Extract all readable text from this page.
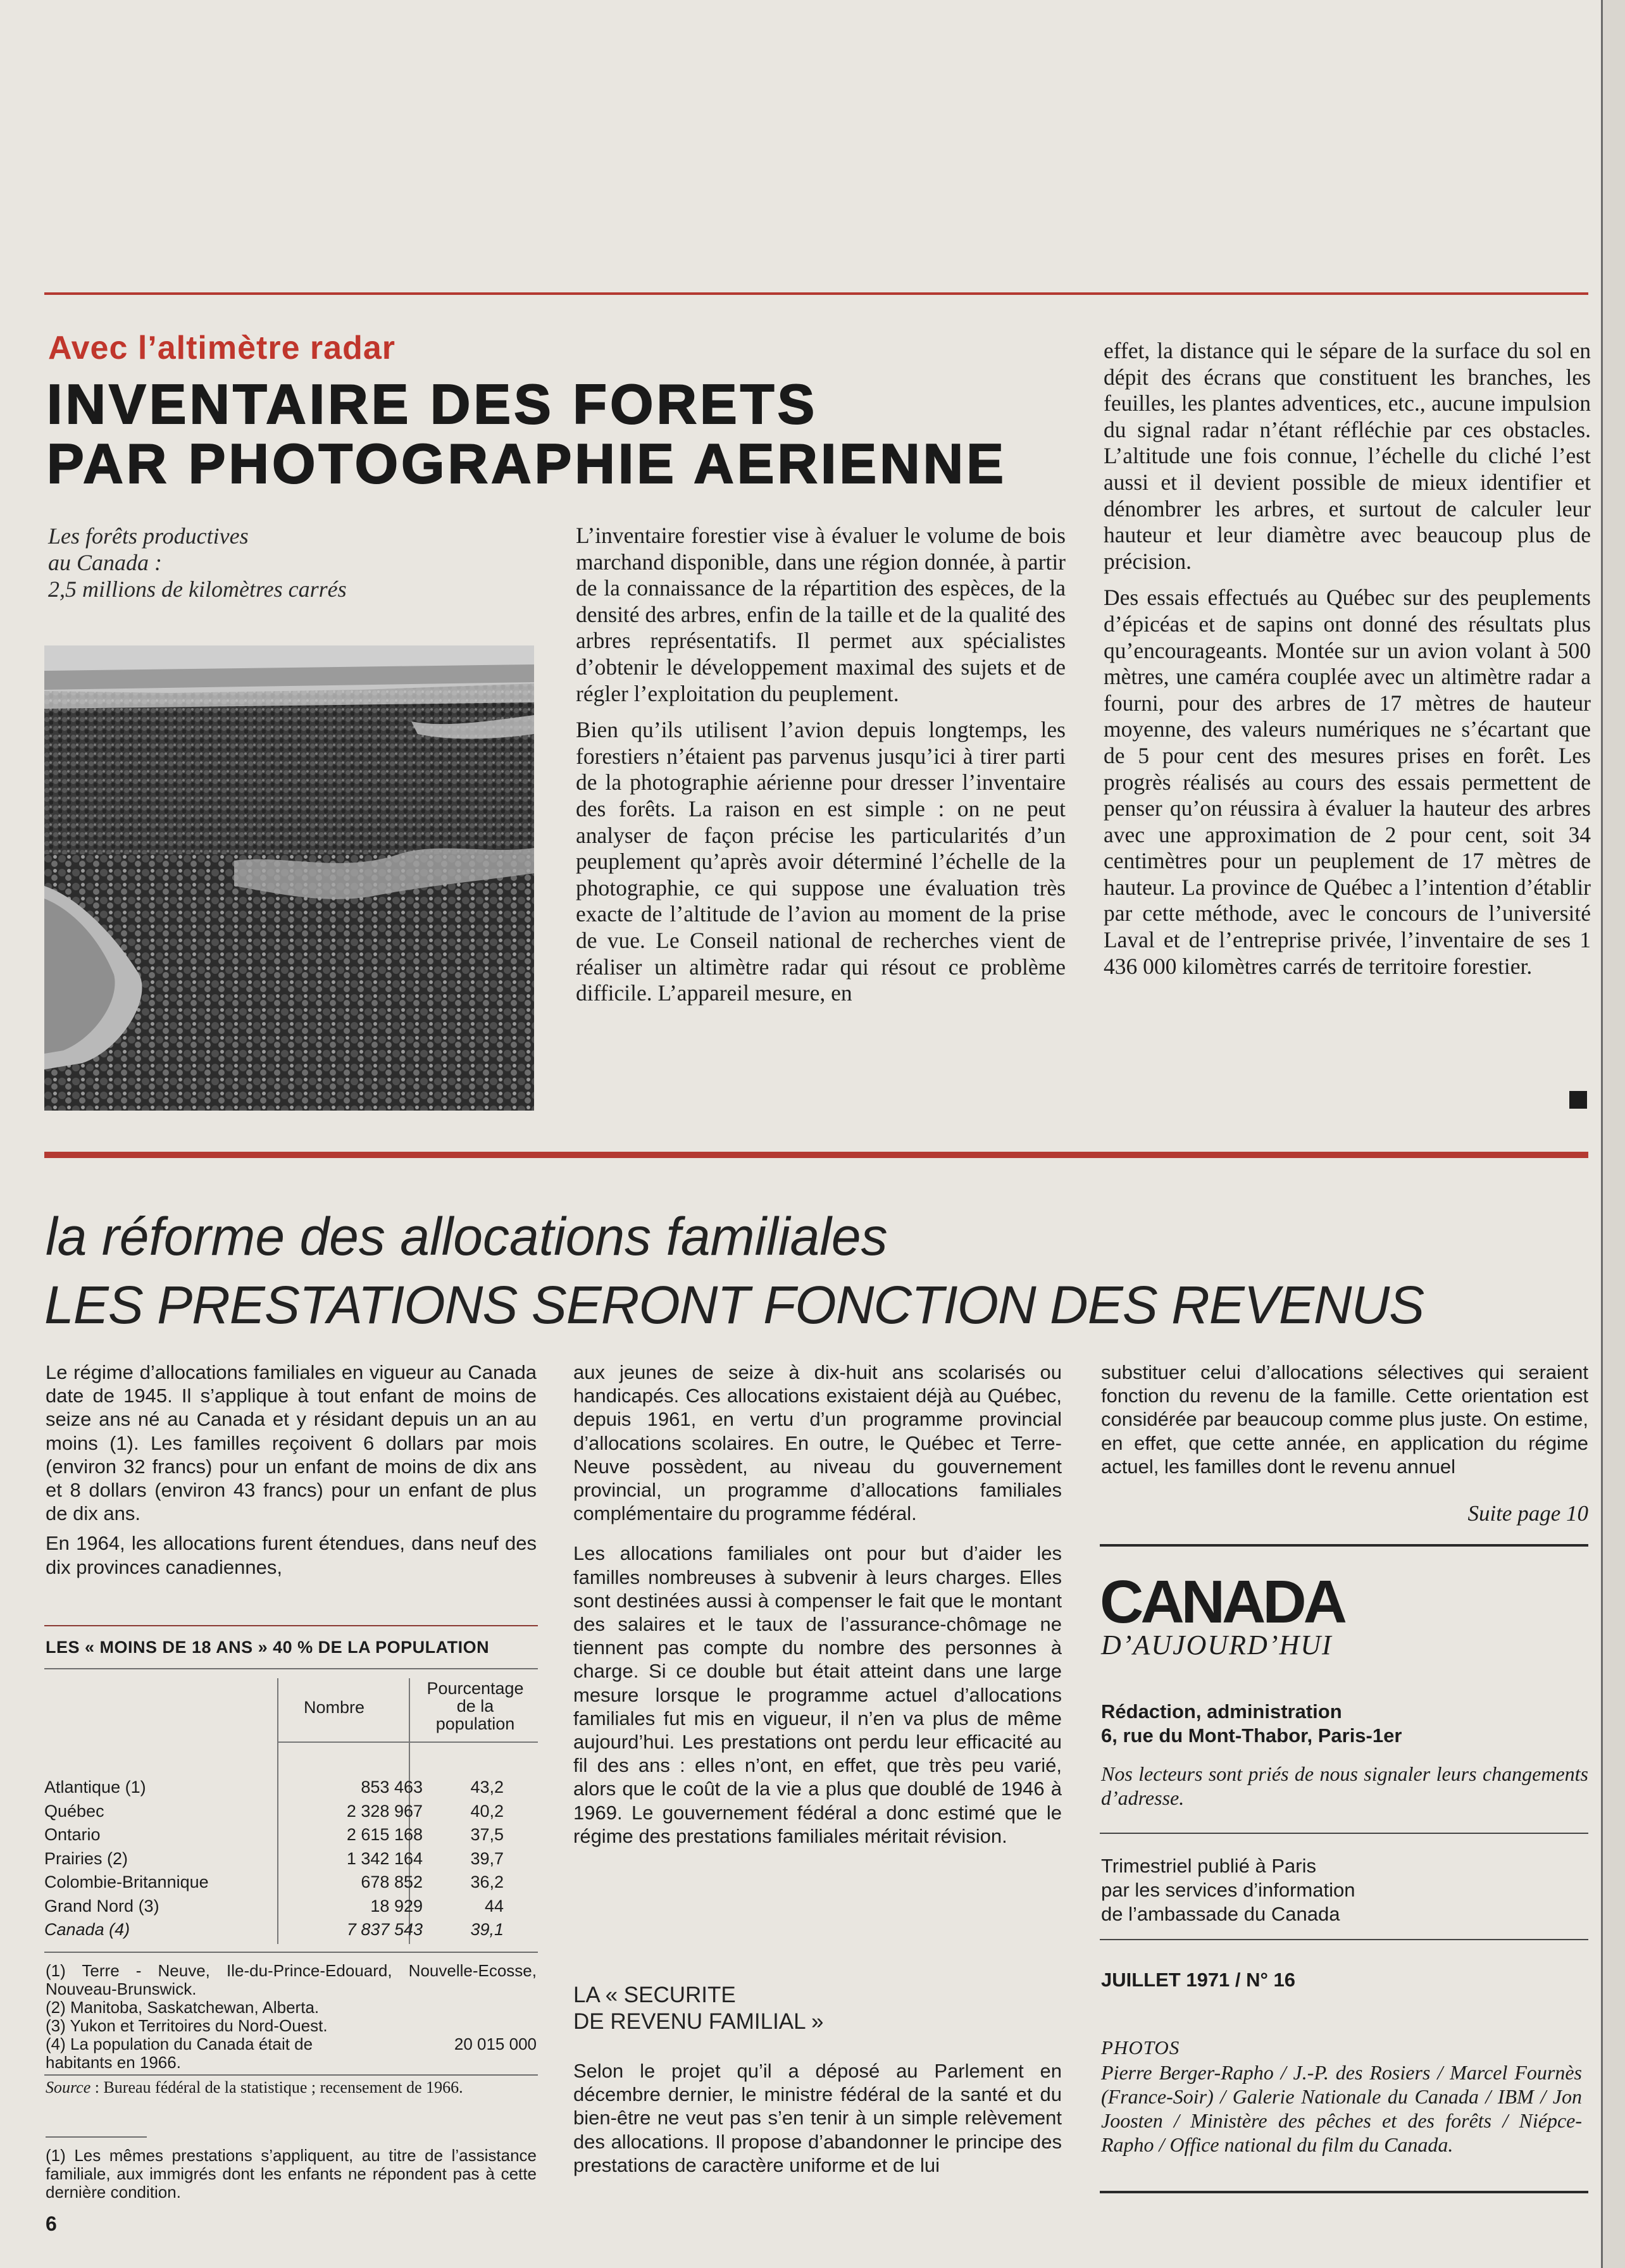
Avec l’altimètre radar
INVENTAIRE DES FORETS
PAR PHOTOGRAPHIE AERIENNE
Les forêts productives
au Canada :
2,5 millions de kilomètres carrés

L’inventaire forestier vise à évaluer le volume de bois marchand disponible, dans une région donnée, à partir de la connaissance de la répartition des espèces, de la densité des arbres, enfin de la taille et de la qualité des arbres représentatifs. Il permet aux spécialistes d’obtenir le développement maximal des sujets et de régler l’exploitation du peuplement.

Bien qu’ils utilisent l’avion depuis longtemps, les forestiers n’étaient pas parvenus jusqu’ici à tirer parti de la photographie aérienne pour dresser l’inventaire des forêts. La raison en est simple : on ne peut analyser de façon précise les particularités d’un peuplement qu’après avoir déterminé l’échelle de la photographie, ce qui suppose une évaluation très exacte de l’altitude de l’avion au moment de la prise de vue. Le Conseil national de recherches vient de réaliser un altimètre radar qui résout ce problème difficile. L’appareil mesure, en

effet, la distance qui le sépare de la surface du sol en dépit des écrans que constituent les branches, les feuilles, les plantes adventices, etc., aucune impulsion du signal radar n’étant réfléchie par ces obstacles. L’altitude une fois connue, l’échelle du cliché l’est aussi et il devient possible de mieux identifier et dénombrer les arbres, et surtout de calculer leur hauteur et leur diamètre avec beaucoup plus de précision.

Des essais effectués au Québec sur des peuplements d’épicéas et de sapins ont donné des résultats plus qu’encourageants. Montée sur un avion volant à 500 mètres, une caméra couplée avec un altimètre radar a fourni, pour des arbres de 17 mètres de hauteur moyenne, des valeurs numériques ne s’écartant que de 5 pour cent des mesures prises en forêt. Les progrès réalisés au cours des essais permettent de penser qu’on réussira à évaluer la hauteur des arbres avec une approximation de 2 pour cent, soit 34 centimètres pour un peuplement de 17 mètres de hauteur. La province de Québec a l’intention d’établir par cette méthode, avec le concours de l’université Laval et de l’entreprise privée, l’inventaire de ses 1 436 000 kilomètres carrés de territoire forestier.

la réforme des allocations familiales
LES PRESTATIONS SERONT FONCTION DES REVENUS

Le régime d’allocations familiales en vigueur au Canada date de 1945. Il s’applique à tout enfant de moins de seize ans né au Canada et y résidant depuis un an au moins (1). Les familles reçoivent 6 dollars par mois (environ 32 francs) pour un enfant de moins de dix ans et 8 dollars (environ 43 francs) pour un enfant de plus de dix ans.

En 1964, les allocations furent étendues, dans neuf des dix provinces canadiennes,

LES « MOINS DE 18 ANS » 40 % DE LA POPULATION
Nombre
Pourcentage
de la
population
Atlantique (1)	853 463	43,2
Québec	2 328 967	40,2
Ontario	2 615 168	37,5
Prairies (2)	1 342 164	39,7
Colombie-Britannique	678 852	36,2
Grand Nord (3)	18 929	44
Canada (4)	7 837 543	39,1
(1) Terre - Neuve, Ile-du-Prince-Edouard, Nouvelle-Ecosse, Nouveau-Brunswick.
(2) Manitoba, Saskatchewan, Alberta.
(3) Yukon et Territoires du Nord-Ouest.
(4) La population du Canada était de	20 015 000
habitants en 1966.
Source : Bureau fédéral de la statistique ; recensement de 1966.
(1) Les mêmes prestations s’appliquent, au titre de l’assistance familiale, aux immigrés dont les enfants ne répondent pas à cette dernière condition.
6

aux jeunes de seize à dix-huit ans scolarisés ou handicapés. Ces allocations existaient déjà au Québec, depuis 1961, en vertu d’un programme provincial d’allocations scolaires. En outre, le Québec et Terre-Neuve possèdent, au niveau du gouvernement provincial, un programme d’allocations familiales complémentaire du programme fédéral.

Les allocations familiales ont pour but d’aider les familles nombreuses à subvenir à leurs charges. Elles sont destinées aussi à compenser le fait que le montant des salaires et le taux de l’assurance-chômage ne tiennent pas compte du nombre des personnes à charge. Si ce double but était atteint dans une large mesure lorsque le programme actuel d’allocations familiales fut mis en vigueur, il n’en va plus de même aujourd’hui. Les prestations ont perdu leur efficacité au fil des ans : elles n’ont, en effet, que très peu varié, alors que le coût de la vie a plus que doublé de 1946 à 1969. Le gouvernement fédéral a donc estimé que le régime des prestations familiales méritait révision.

LA « SECURITE
DE REVENU FAMILIAL »
Selon le projet qu’il a déposé au Parlement en décembre dernier, le ministre fédéral de la santé et du bien-être ne veut pas s’en tenir à un simple relèvement des allocations. Il propose d’abandonner le principe des prestations de caractère uniforme et de lui
substituer celui d’allocations sélectives qui seraient fonction du revenu de la famille. Cette orientation est considérée par beaucoup comme plus juste. On estime, en effet, que cette année, en application du régime actuel, les familles dont le revenu annuel
Suite page 10
CANADA
D’AUJOURD’HUI
Rédaction, administration
6, rue du Mont-Thabor, Paris-1er
Nos lecteurs sont priés de nous signaler leurs changements d’adresse.
Trimestriel publié à Paris
par les services d’information
de l’ambassade du Canada
JUILLET 1971 / N° 16
PHOTOS
Pierre Berger-Rapho / J.-P. des Rosiers / Marcel Fournès (France-Soir) / Galerie Nationale du Canada / IBM / Jon Joosten / Ministère des pêches et des forêts / Niépce-Rapho / Office national du film du Canada.
